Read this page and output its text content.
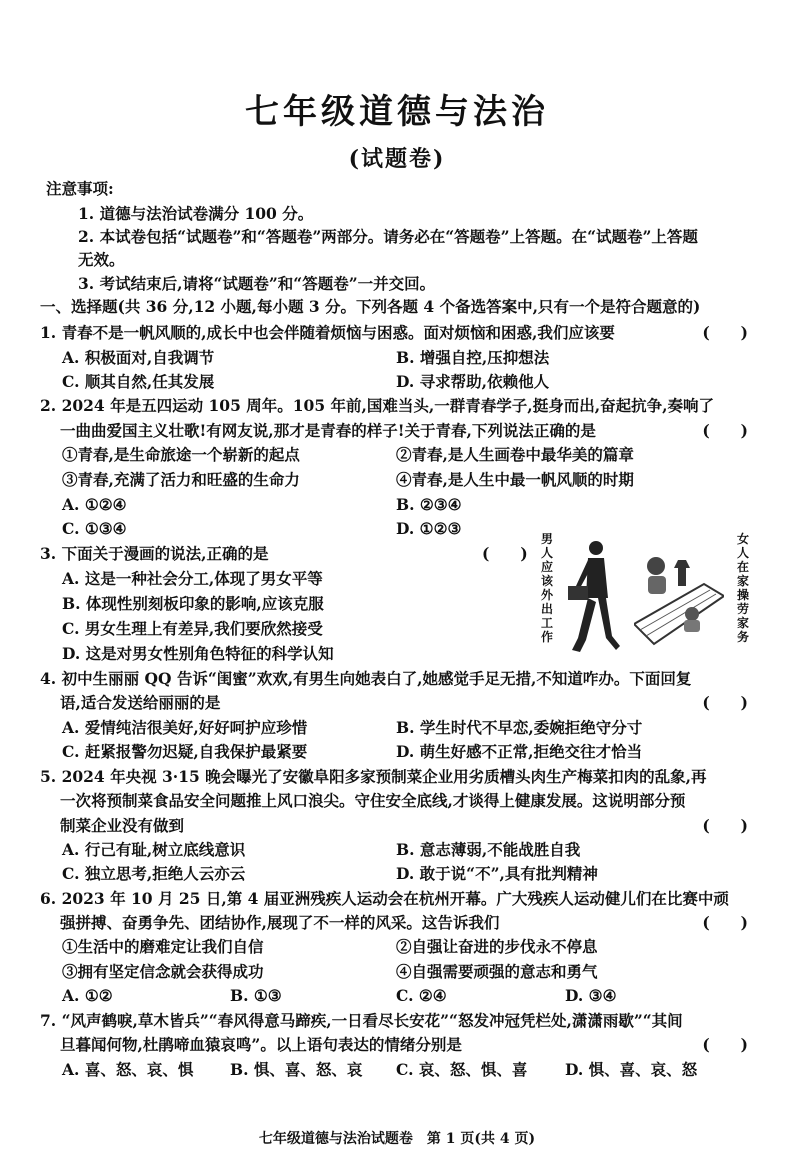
七年级道德与法治
(试题卷)
注意事项:
1. 道德与法治试卷满分 100 分。
2. 本试卷包括“试题卷”和“答题卷”两部分。请务必在“答题卷”上答题。在“试题卷”上答题
无效。
3. 考试结束后,请将“试题卷”和“答题卷”一并交回。
一、选择题(共 36 分,12 小题,每小题 3 分。下列各题 4 个备选答案中,只有一个是符合题意的)
1. 青春不是一帆风顺的,成长中也会伴随着烦恼与困惑。面对烦恼和困惑,我们应该要	(　　)
A. 积极面对,自我调节	B. 增强自控,压抑想法
C. 顺其自然,任其发展	D. 寻求帮助,依赖他人
2. 2024 年是五四运动 105 周年。105 年前,国难当头,一群青春学子,挺身而出,奋起抗争,奏响了
一曲曲爱国主义壮歌!有网友说,那才是青春的样子!关于青春,下列说法正确的是	(　　)
①青春,是生命旅途一个崭新的起点	②青春,是人生画卷中最华美的篇章
③青春,充满了活力和旺盛的生命力	④青春,是人生中最一帆风顺的时期
A. ①②④	B. ②③④
C. ①③④	D. ①②③
3. 下面关于漫画的说法,正确的是	(　　)
A. 这是一种社会分工,体现了男女平等
B. 体现性别刻板印象的影响,应该克服
C. 男女生理上有差异,我们要欣然接受
D. 这是对男女性别角色特征的科学认知
男
人
应
该
外
出
工
作
女
人
在
家
操
劳
家
务
4. 初中生丽丽 QQ 告诉“闺蜜”欢欢,有男生向她表白了,她感觉手足无措,不知道咋办。下面回复
语,适合发送给丽丽的是	(　　)
A. 爱情纯洁很美好,好好呵护应珍惜	B. 学生时代不早恋,委婉拒绝守分寸
C. 赶紧报警勿迟疑,自我保护最紧要	D. 萌生好感不正常,拒绝交往才恰当
5. 2024 年央视 3·15 晚会曝光了安徽阜阳多家预制菜企业用劣质槽头肉生产梅菜扣肉的乱象,再
一次将预制菜食品安全问题推上风口浪尖。守住安全底线,才谈得上健康发展。这说明部分预
制菜企业没有做到	(　　)
A. 行己有耻,树立底线意识	B. 意志薄弱,不能战胜自我
C. 独立思考,拒绝人云亦云	D. 敢于说“不”,具有批判精神
6. 2023 年 10 月 25 日,第 4 届亚洲残疾人运动会在杭州开幕。广大残疾人运动健儿们在比赛中顽
强拼搏、奋勇争先、团结协作,展现了不一样的风采。这告诉我们	(　　)
①生活中的磨难定让我们自信	②自强让奋进的步伐永不停息
③拥有坚定信念就会获得成功	④自强需要顽强的意志和勇气
A. ①②	B. ①③	C. ②④	D. ③④
7. “风声鹤唳,草木皆兵”“春风得意马蹄疾,一日看尽长安花”“怒发冲冠凭栏处,潇潇雨歇”“其间
旦暮闻何物,杜鹃啼血猿哀鸣”。以上语句表达的情绪分别是	(　　)
A. 喜、怒、哀、惧 B. 惧、喜、怒、哀 C. 哀、怒、惧、喜 D. 惧、喜、哀、怒
七年级道德与法治试题卷　第 1 页(共 4 页)
